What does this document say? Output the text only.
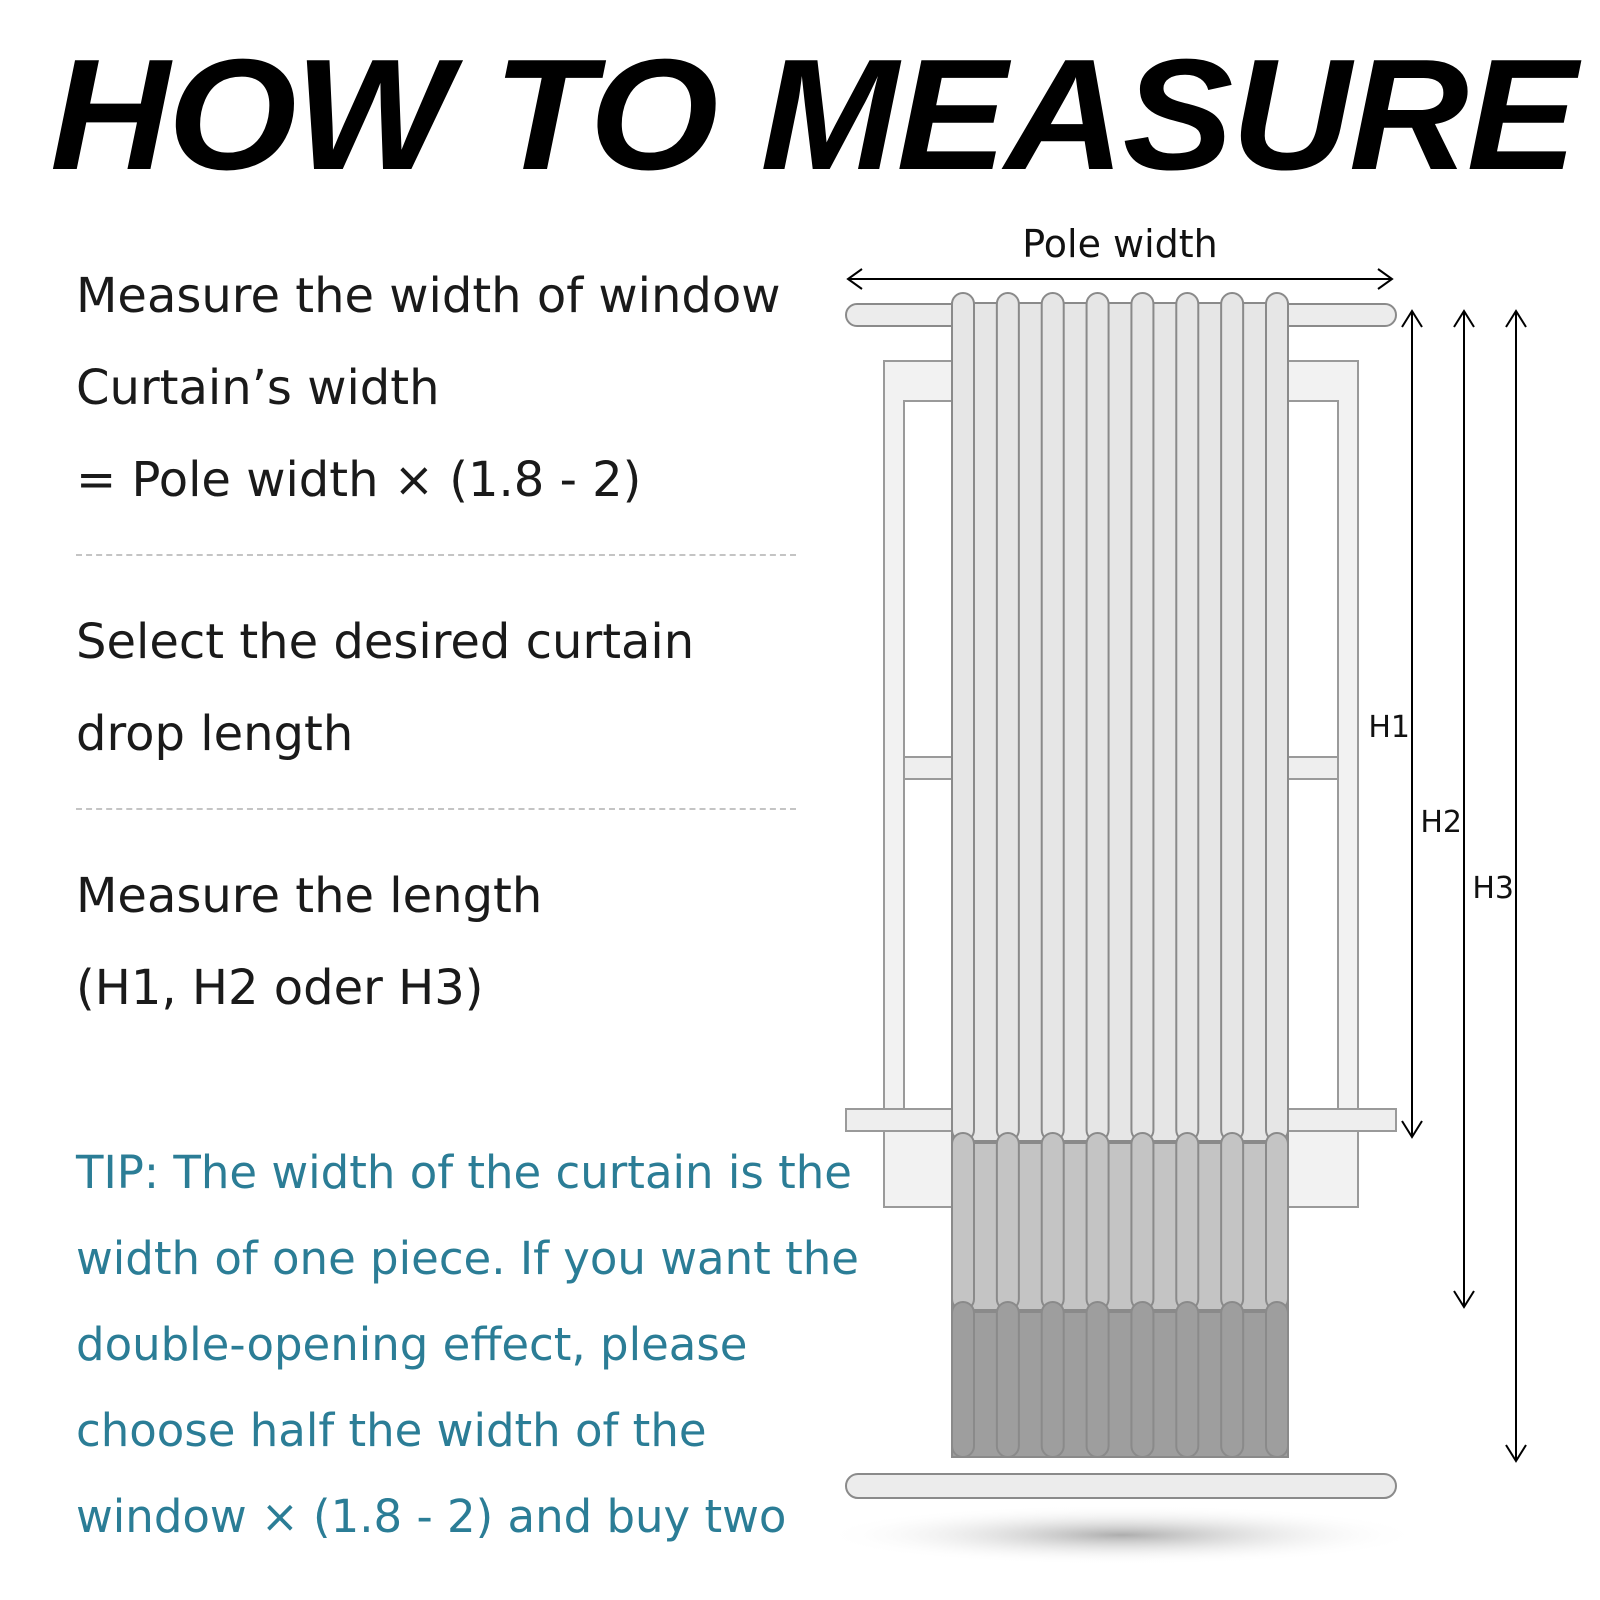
HOW TO MEASURE
Measure the width of window
Curtain’s width
= Pole width × (1.8 - 2)
Select the desired curtain
drop length
Measure the length
(H1, H2 oder H3)
TIP: The width of the curtain is the
width of one piece. If you want the
double-opening effect, please
choose half the width of the
window × (1.8 - 2) and buy two
Pole width
H1
H2
H3
